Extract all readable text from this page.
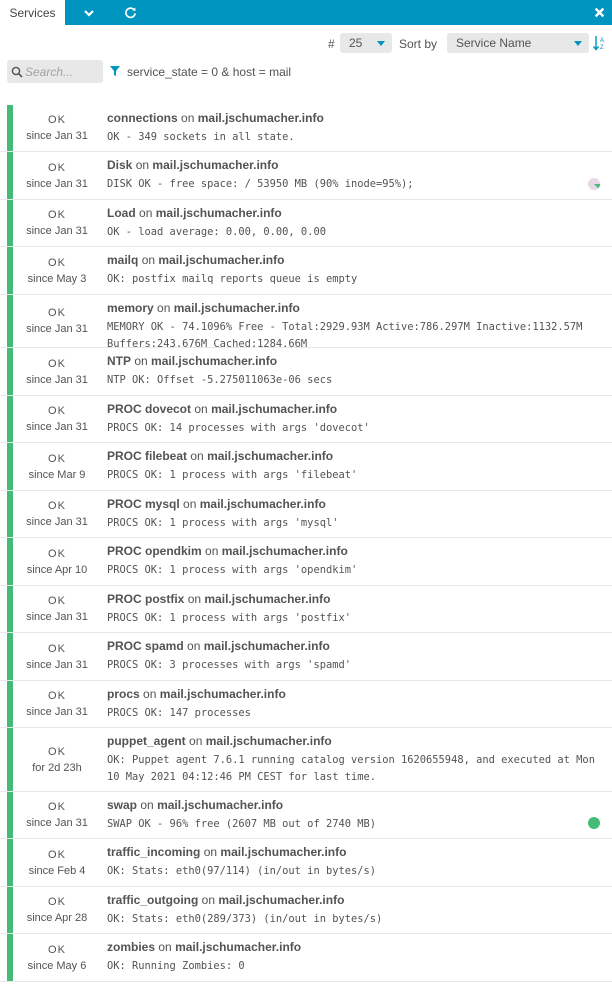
Services
#	25	Sort by	Service Name	A
Z
Search...	service_state = 0 & host = mail
OK
since Jan 31
connections on mail.jschumacher.info
OK - 349 sockets in all state.
OK
since Jan 31
Disk on mail.jschumacher.info
DISK OK - free space: / 53950 MB (90% inode=95%);
OK
since Jan 31
Load on mail.jschumacher.info
OK - load average: 0.00, 0.00, 0.00
OK
since May 3
mailq on mail.jschumacher.info
OK: postfix mailq reports queue is empty
OK
since Jan 31
memory on mail.jschumacher.info
MEMORY OK - 74.1096% Free - Total:2929.93M Active:786.297M Inactive:1132.57M Buffers:243.676M Cached:1284.66M
OK
since Jan 31
NTP on mail.jschumacher.info
NTP OK: Offset -5.275011063e-06 secs
OK
since Jan 31
PROC dovecot on mail.jschumacher.info
PROCS OK: 14 processes with args 'dovecot'
OK
since Mar 9
PROC filebeat on mail.jschumacher.info
PROCS OK: 1 process with args 'filebeat'
OK
since Jan 31
PROC mysql on mail.jschumacher.info
PROCS OK: 1 process with args 'mysql'
OK
since Apr 10
PROC opendkim on mail.jschumacher.info
PROCS OK: 1 process with args 'opendkim'
OK
since Jan 31
PROC postfix on mail.jschumacher.info
PROCS OK: 1 process with args 'postfix'
OK
since Jan 31
PROC spamd on mail.jschumacher.info
PROCS OK: 3 processes with args 'spamd'
OK
since Jan 31
procs on mail.jschumacher.info
PROCS OK: 147 processes
OK
for 2d 23h
puppet_agent on mail.jschumacher.info
OK: Puppet agent 7.6.1 running catalog version 1620655948, and executed at Mon 10 May 2021 04:12:46 PM CEST for last time.
OK
since Jan 31
swap on mail.jschumacher.info
SWAP OK - 96% free (2607 MB out of 2740 MB)
OK
since Feb 4
traffic_incoming on mail.jschumacher.info
OK: Stats: eth0(97/114) (in/out in bytes/s)
OK
since Apr 28
traffic_outgoing on mail.jschumacher.info
OK: Stats: eth0(289/373) (in/out in bytes/s)
OK
since May 6
zombies on mail.jschumacher.info
OK: Running Zombies: 0
